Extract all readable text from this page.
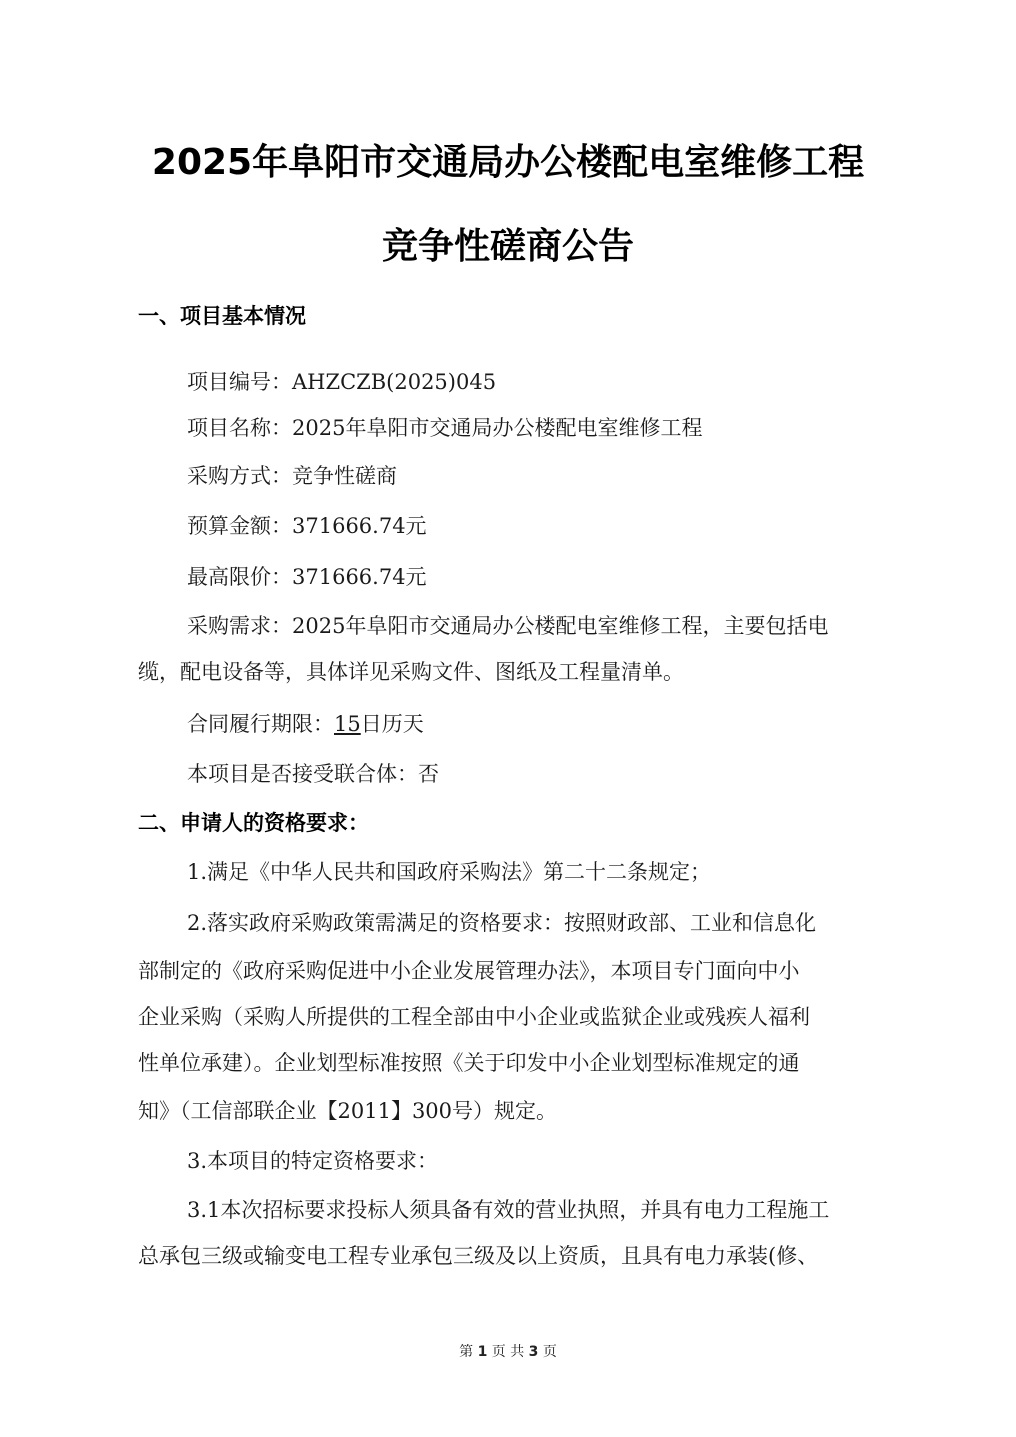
2025年阜阳市交通局办公楼配电室维修工程
竞争性磋商公告
一、项目基本情况
项目编号：AHZCZB(2025)045
项目名称：2025年阜阳市交通局办公楼配电室维修工程
采购方式：竞争性磋商
预算金额：371666.74元
最高限价：371666.74元
采购需求：2025年阜阳市交通局办公楼配电室维修工程，主要包括电
缆，配电设备等，具体详见采购文件、图纸及工程量清单。
合同履行期限：15日历天
本项目是否接受联合体：否
二、申请人的资格要求：
1.满足《中华人民共和国政府采购法》第二十二条规定；
2.落实政府采购政策需满足的资格要求：按照财政部、工业和信息化
部制定的《政府采购促进中小企业发展管理办法》，本项目专门面向中小
企业采购（采购人所提供的工程全部由中小企业或监狱企业或残疾人福利
性单位承建）。企业划型标准按照《关于印发中小企业划型标准规定的通
知》（工信部联企业【2011】300号）规定。
3.本项目的特定资格要求：
3.1本次招标要求投标人须具备有效的营业执照，并具有电力工程施工
总承包三级或输变电工程专业承包三级及以上资质，且具有电力承装(修、
第 1 页 共 3 页
